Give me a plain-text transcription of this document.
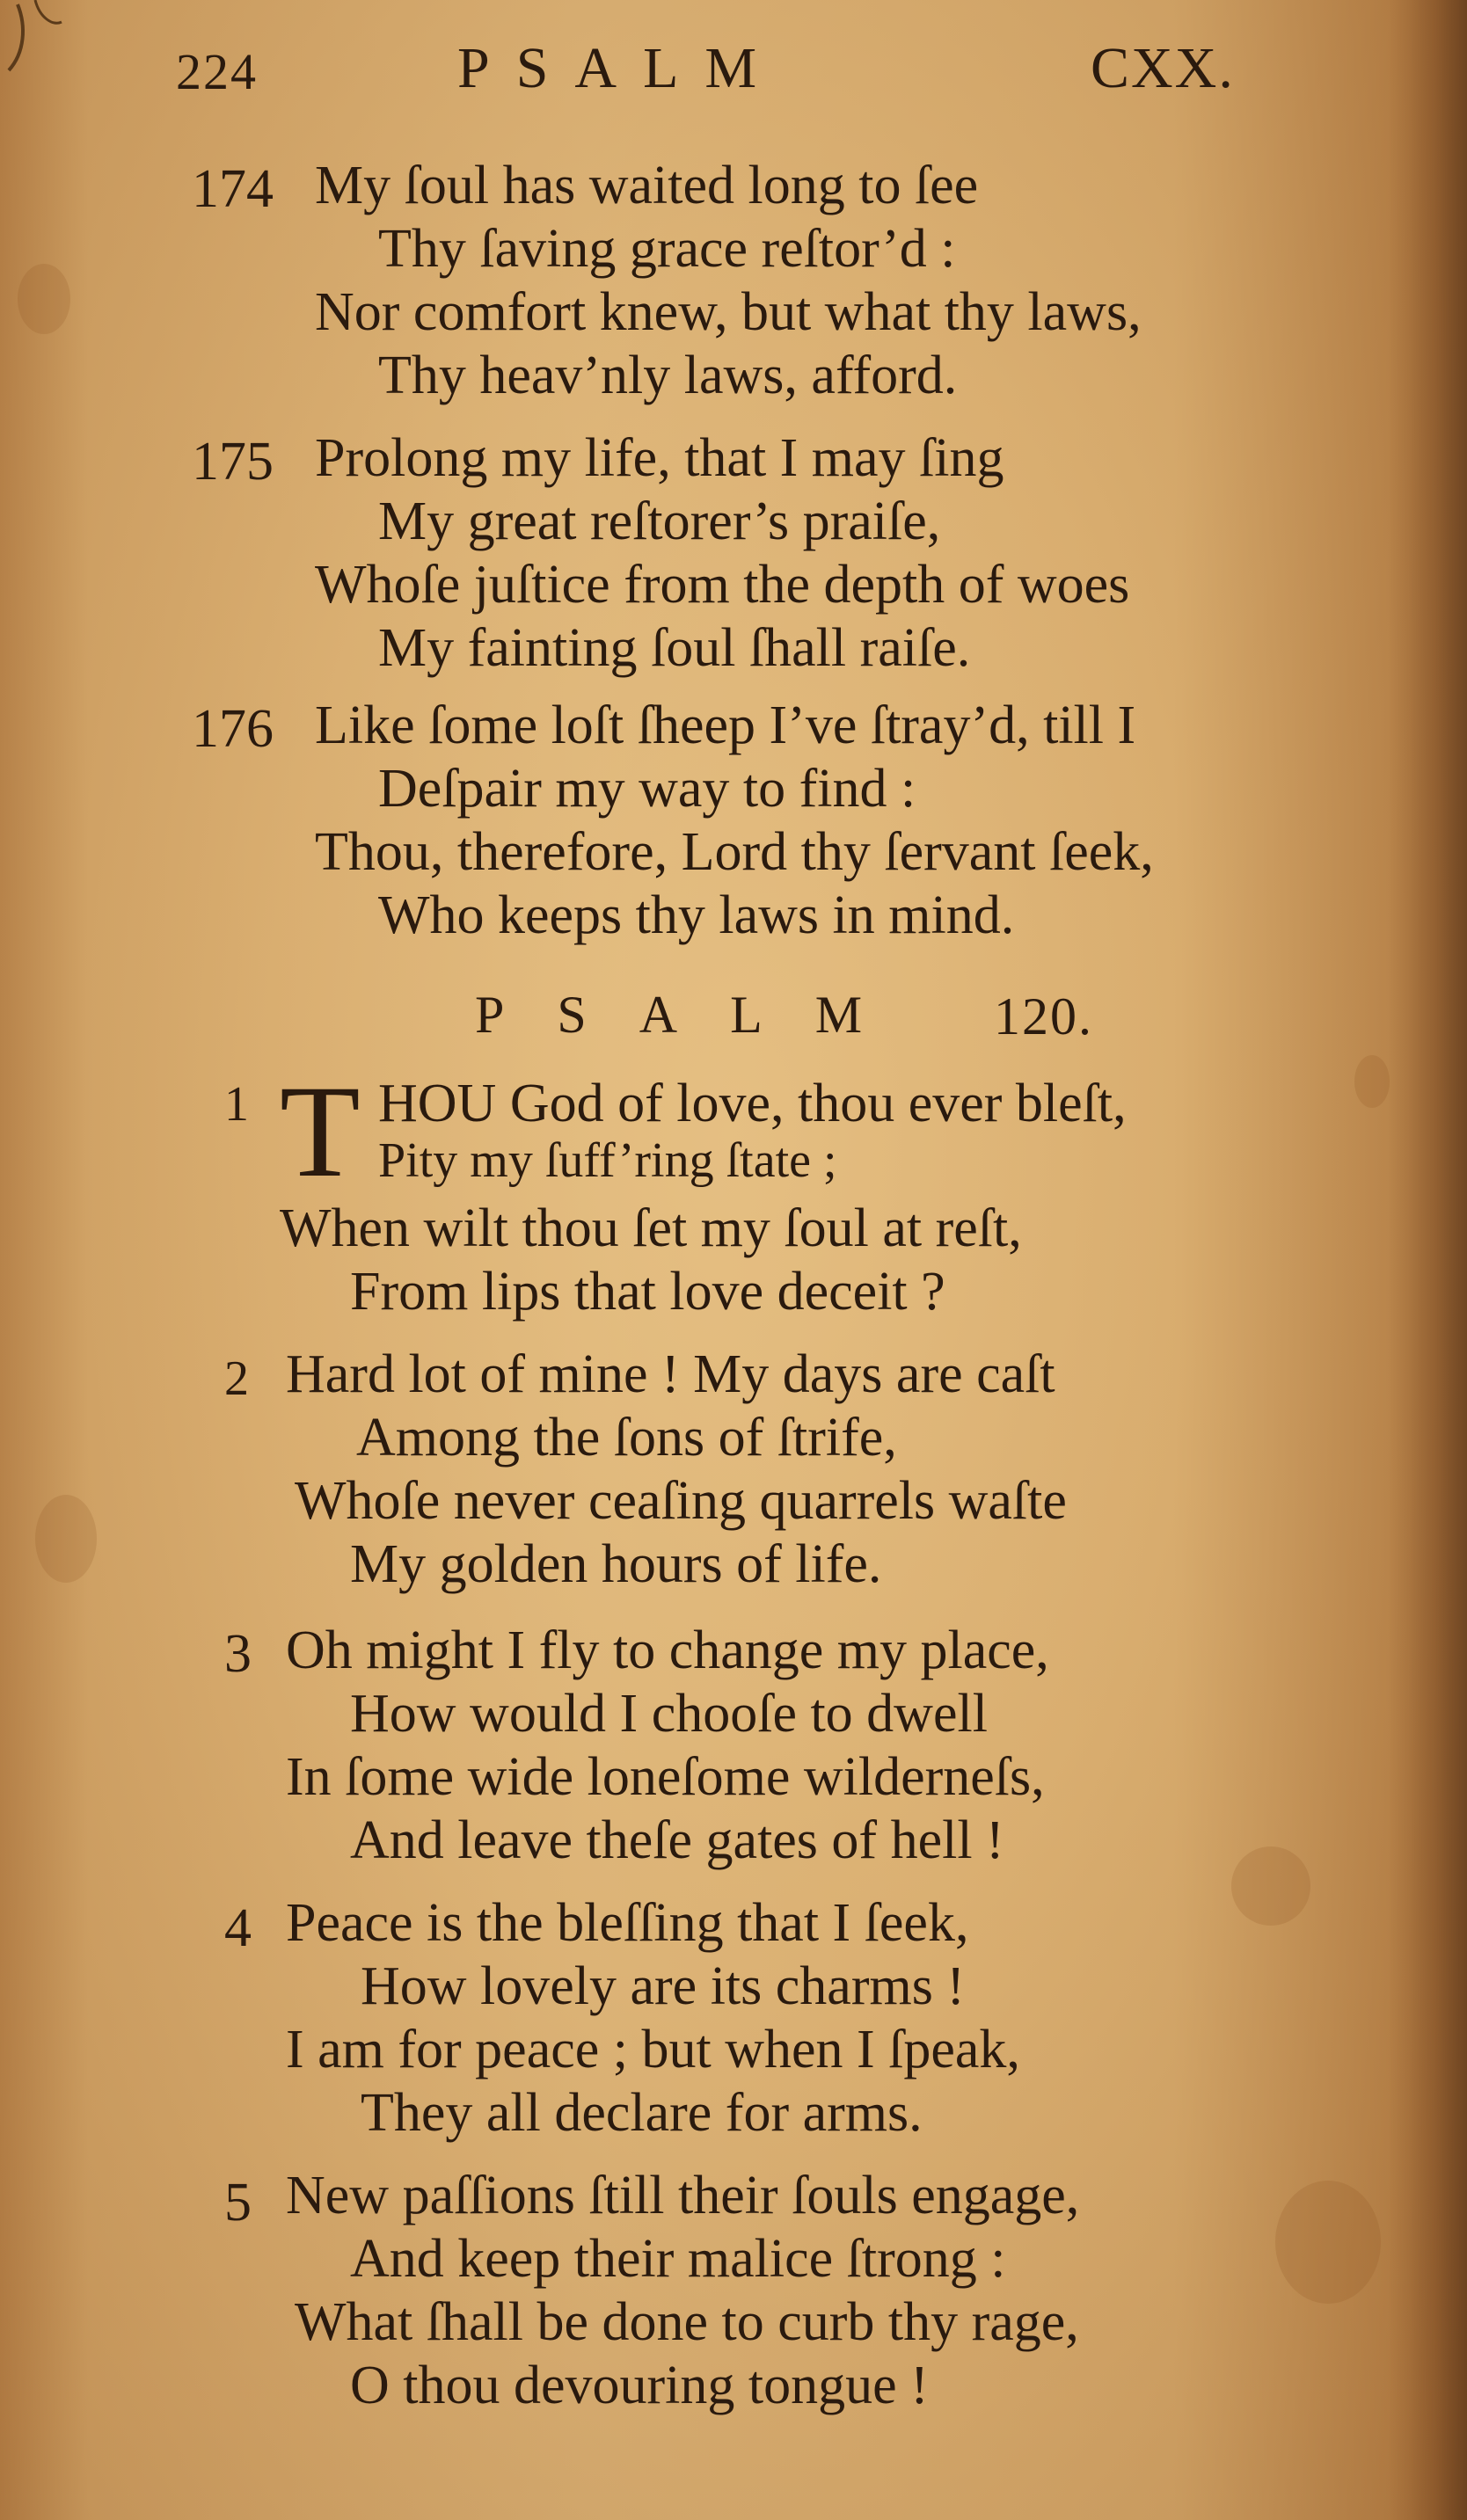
224	PSALM	CXX.
174 My ſoul has waited long to ſee
Thy ſaving grace reſtor’d :
Nor comfort knew, but what thy laws,
Thy heav’nly laws, afford.
175 Prolong my life, that I may ſing
My great reſtorer’s praiſe,
Whoſe juſtice from the depth of woes
My fainting ſoul ſhall raiſe.
176 Like ſome loſt ſheep I’ve ſtray’d, till I
Deſpair my way to find :
Thou, therefore, Lord thy ſervant ſeek,
Who keeps thy laws in mind.
PSALM 120.
1 T HOU God of love, thou ever bleſt,
Pity my ſuff’ring ſtate ;
When wilt thou ſet my ſoul at reſt,
From lips that love deceit ?
2 Hard lot of mine ! My days are caſt
Among the ſons of ſtrife,
Whoſe never ceaſing quarrels waſte
My golden hours of life.
3 Oh might I fly to change my place,
How would I chooſe to dwell
In ſome wide loneſome wilderneſs,
And leave theſe gates of hell !
4 Peace is the bleſſing that I ſeek,
How lovely are its charms !
I am for peace ; but when I ſpeak,
They all declare for arms.
5 New paſſions ſtill their ſouls engage,
And keep their malice ſtrong :
What ſhall be done to curb thy rage,
O thou devouring tongue !
